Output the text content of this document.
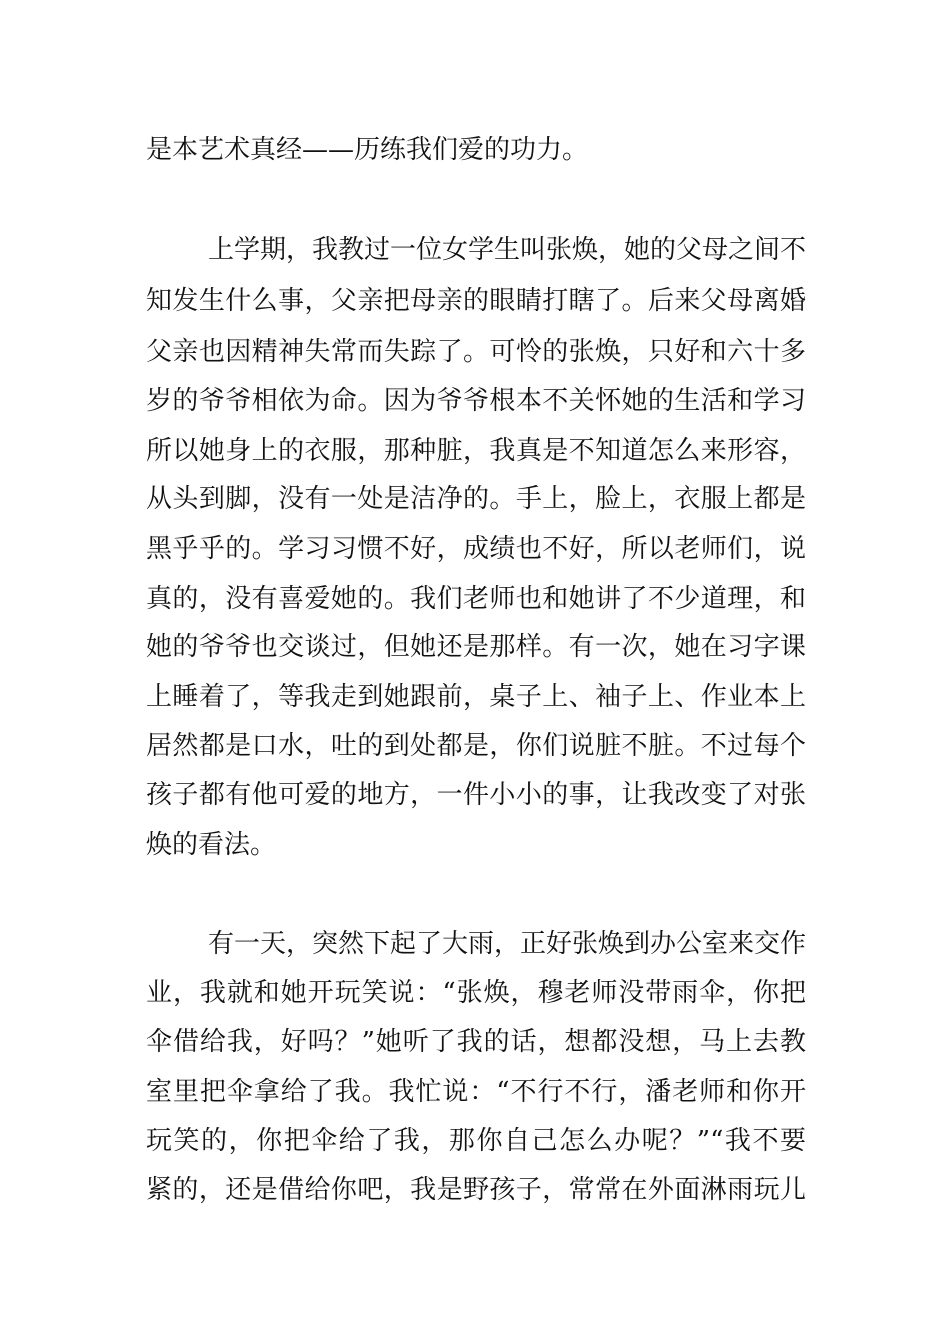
是本艺术真经——历练我们爱的功力。
上学期，我教过一位女学生叫张焕，她的父母之间不
知发生什么事，父亲把母亲的眼睛打瞎了。后来父母离婚
父亲也因精神失常而失踪了。可怜的张焕，只好和六十多
岁的爷爷相依为命。因为爷爷根本不关怀她的生活和学习
所以她身上的衣服，那种脏，我真是不知道怎么来形容，
从头到脚，没有一处是洁净的。手上，脸上，衣服上都是
黑乎乎的。学习习惯不好，成绩也不好，所以老师们，说
真的，没有喜爱她的。我们老师也和她讲了不少道理，和
她的爷爷也交谈过，但她还是那样。有一次，她在习字课
上睡着了，等我走到她跟前，桌子上、袖子上、作业本上
居然都是口水，吐的到处都是，你们说脏不脏。不过每个
孩子都有他可爱的地方，一件小小的事，让我改变了对张
焕的看法。
有一天，突然下起了大雨，正好张焕到办公室来交作
业，我就和她开玩笑说：“张焕，穆老师没带雨伞，你把
伞借给我，好吗？”她听了我的话，想都没想，马上去教
室里把伞拿给了我。我忙说：“不行不行，潘老师和你开
玩笑的，你把伞给了我，那你自己怎么办呢？”“我不要
紧的，还是借给你吧，我是野孩子，常常在外面淋雨玩儿
